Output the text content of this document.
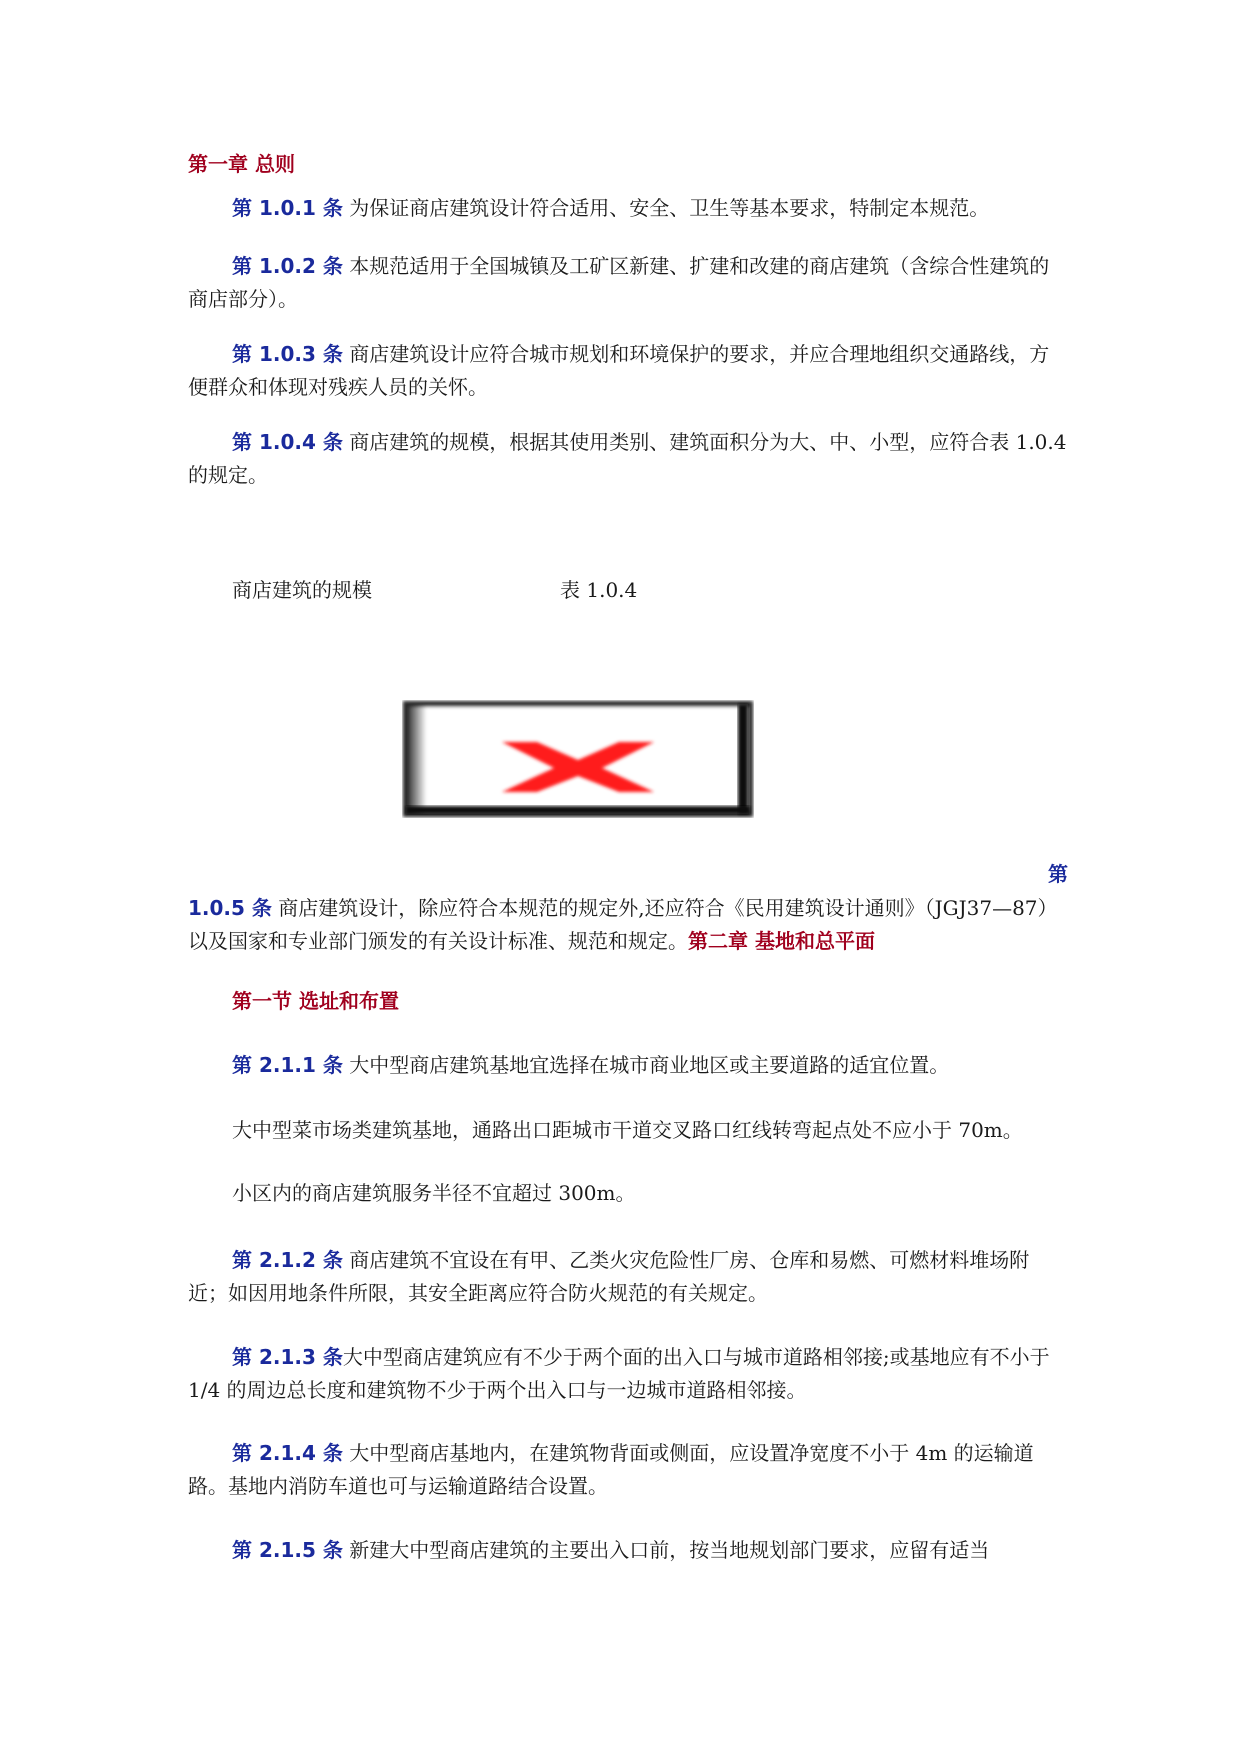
第一章 总则

第 1.0.1 条 为保证商店建筑设计符合适用、安全、卫生等基本要求，特制定本规范。

第 1.0.2 条 本规范适用于全国城镇及工矿区新建、扩建和改建的商店建筑（含综合性建筑的商店部分）。

第 1.0.3 条 商店建筑设计应符合城市规划和环境保护的要求，并应合理地组织交通路线，方便群众和体现对残疾人员的关怀。

第 1.0.4 条 商店建筑的规模，根据其使用类别、建筑面积分为大、中、小型，应符合表 1.0.4 的规定。

商店建筑的规模	表 1.0.4
第

1.0.5 条 商店建筑设计，除应符合本规范的规定外,还应符合《民用建筑设计通则》（JGJ37—87）以及国家和专业部门颁发的有关设计标准、规范和规定。第二章 基地和总平面

第一节 选址和布置

第 2.1.1 条 大中型商店建筑基地宜选择在城市商业地区或主要道路的适宜位置。

大中型菜市场类建筑基地，通路出口距城市干道交叉路口红线转弯起点处不应小于 70m。

小区内的商店建筑服务半径不宜超过 300m。

第 2.1.2 条 商店建筑不宜设在有甲、乙类火灾危险性厂房、仓库和易燃、可燃材料堆场附近；如因用地条件所限，其安全距离应符合防火规范的有关规定。

第 2.1.3 条大中型商店建筑应有不少于两个面的出入口与城市道路相邻接;或基地应有不小于 1/4 的周边总长度和建筑物不少于两个出入口与一边城市道路相邻接。

第 2.1.4 条 大中型商店基地内，在建筑物背面或侧面，应设置净宽度不小于 4m 的运输道路。基地内消防车道也可与运输道路结合设置。

第 2.1.5 条 新建大中型商店建筑的主要出入口前，按当地规划部门要求，应留有适当
